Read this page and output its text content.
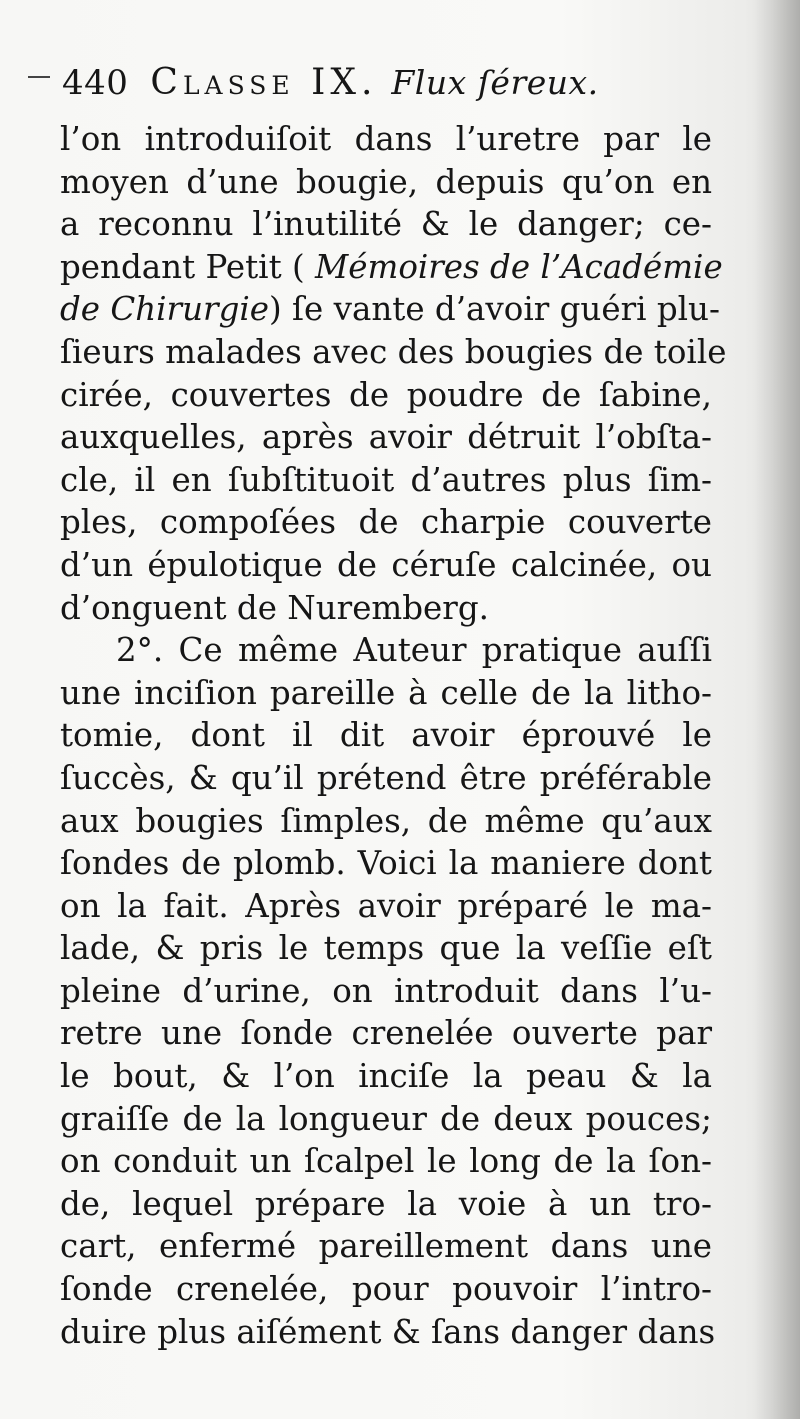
440 Classe IX. Flux ſéreux.
l’on introduiſoit dans l’uretre par le
moyen d’une bougie, depuis qu’on en
a reconnu l’inutilité & le danger; ce-
pendant Petit ( Mémoires de l’Académie
de Chirurgie) ſe vante d’avoir guéri plu-
ſieurs malades avec des bougies de toile
cirée, couvertes de poudre de ſabine,
auxquelles, après avoir détruit l’obſta-
cle, il en ſubſtituoit d’autres plus ſim-
ples, compoſées de charpie couverte
d’un épulotique de céruſe calcinée, ou
d’onguent de Nuremberg.
2°. Ce même Auteur pratique auſſi
une inciſion pareille à celle de la litho-
tomie, dont il dit avoir éprouvé le
ſuccès, & qu’il prétend être préférable
aux bougies ſimples, de même qu’aux
ſondes de plomb. Voici la maniere dont
on la fait. Après avoir préparé le ma-
lade, & pris le temps que la veſſie eſt
pleine d’urine, on introduit dans l’u-
retre une ſonde crenelée ouverte par
le bout, & l’on inciſe la peau & la
graiſſe de la longueur de deux pouces;
on conduit un ſcalpel le long de la ſon-
de, lequel prépare la voie à un tro-
cart, enfermé pareillement dans une
ſonde crenelée, pour pouvoir l’intro-
duire plus aiſément & ſans danger dans
